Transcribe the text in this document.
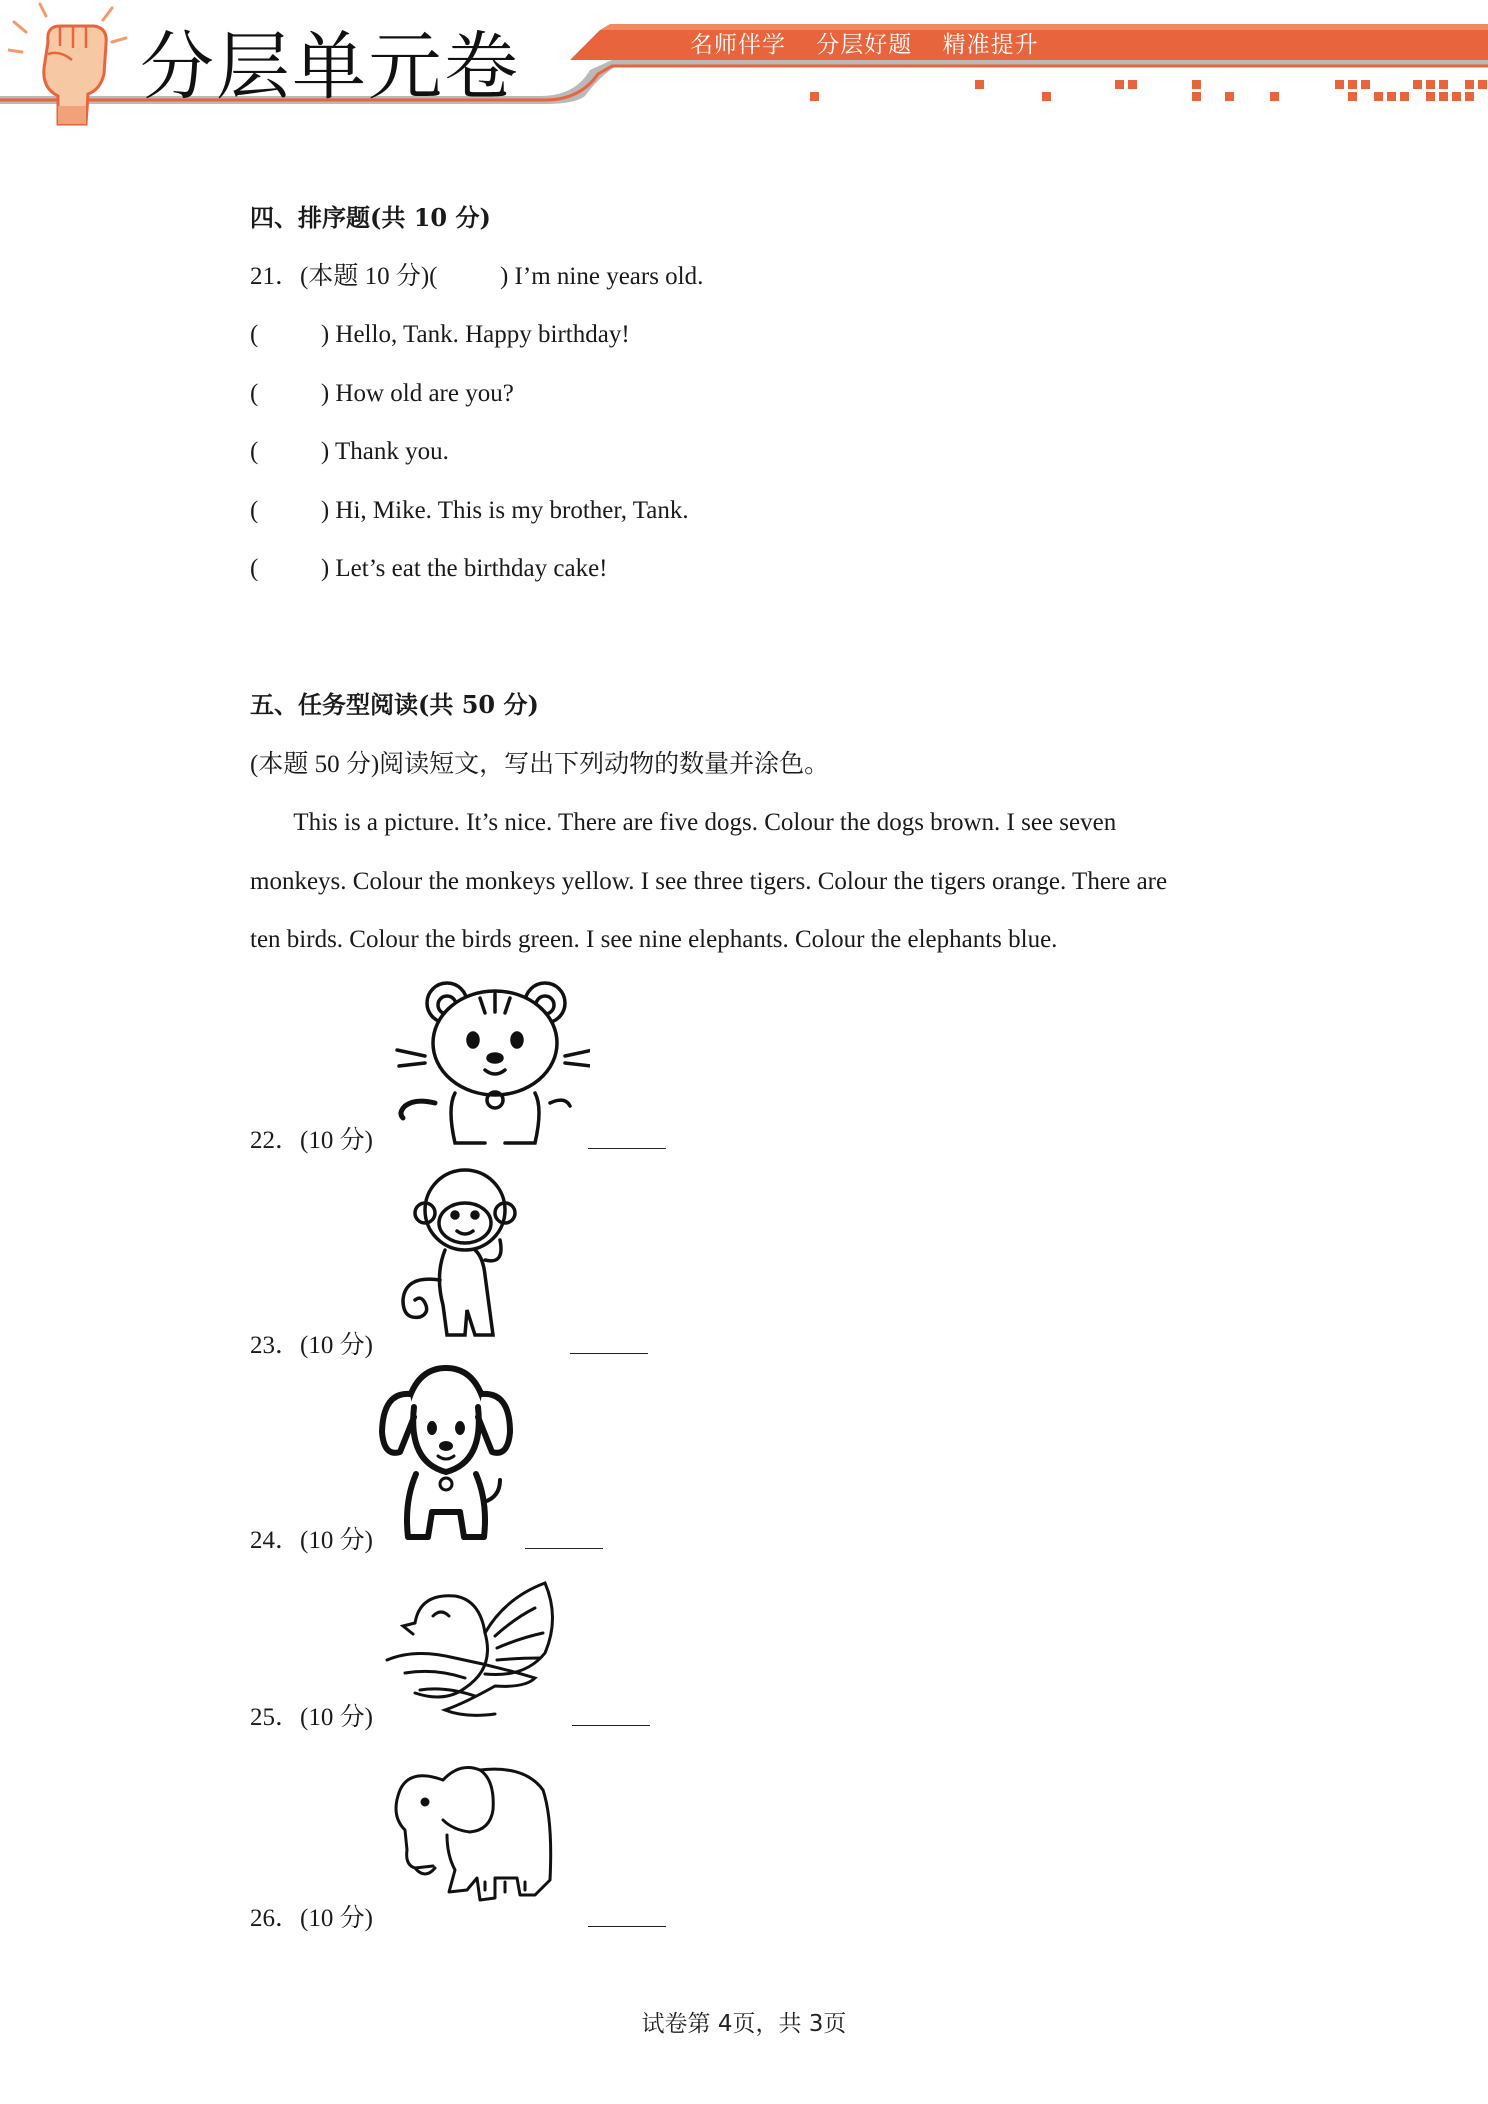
分层单元卷	名师伴学 分层好题 精准提升
四、排序题(共 10 分)
21．(本题 10 分)(          ) I’m nine years old.
(          ) Hello, Tank. Happy birthday!
(          ) How old are you?
(          ) Thank you.
(          ) Hi, Mike. This is my brother, Tank.
(          ) Let’s eat the birthday cake!
五、任务型阅读(共 50 分)
(本题 50 分)阅读短文，写出下列动物的数量并涂色。
This is a picture. It’s nice. There are five dogs. Colour the dogs brown. I see seven
monkeys. Colour the monkeys yellow. I see three tigers. Colour the tigers orange. There are
ten birds. Colour the birds green. I see nine elephants. Colour the elephants blue.
22．(10 分)
23．(10 分)
24．(10 分)
25．(10 分)
26．(10 分)
试卷第 4页，共 3页
